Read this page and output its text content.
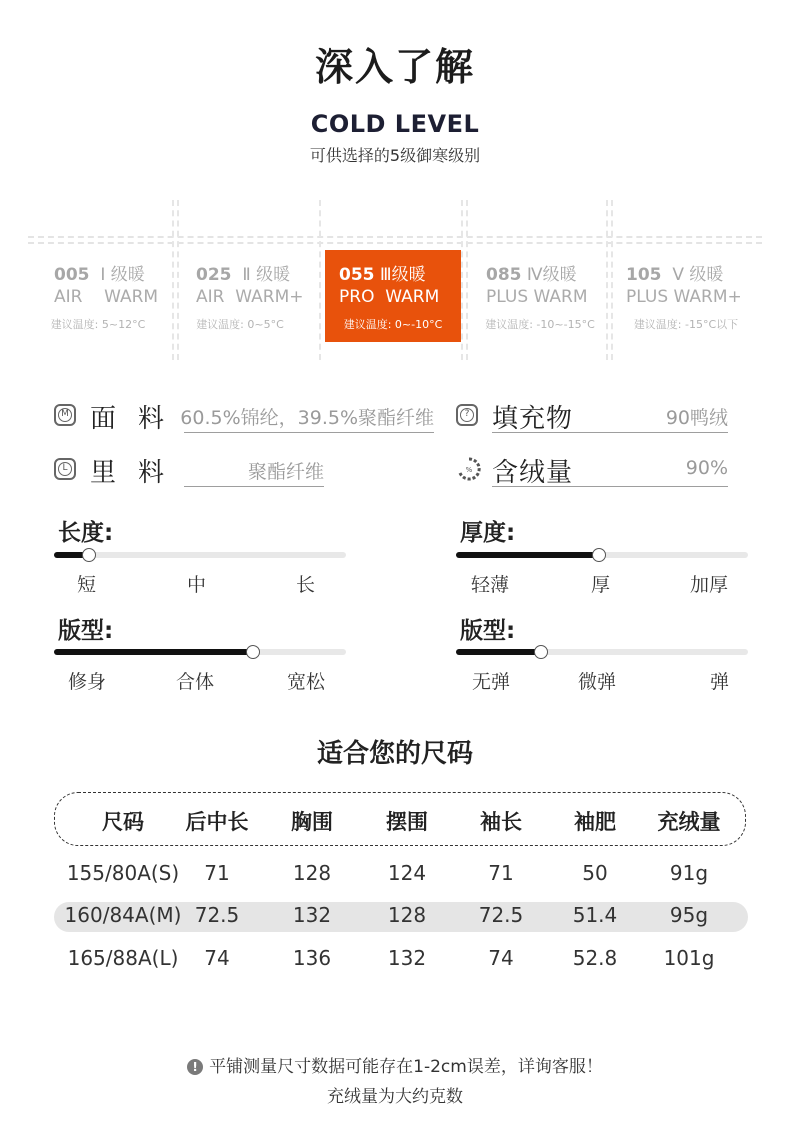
深入了解
COLD LEVEL
可供选择的5级御寒级别
005 Ⅰ 级暖
AIR    WARM
建议温度: 5~12°C
025 Ⅱ 级暖
AIR  WARM+
建议温度: 0~5°C
055 Ⅲ级暖
PRO  WARM
建议温度: 0~-10°C
085 Ⅳ级暖
PLUS WARM
建议温度: -10~-15°C
105 Ⅴ 级暖
PLUS WARM+
建议温度: -15°C以下
M 面料
60.5%锦纶，39.5%聚酯纤维
L 里料	聚酯纤维
? 填充物	90鸭绒
% 含绒量	90%
长度:
短	中	长
版型:
修身	合体	宽松
厚度:
轻薄	厚	加厚
版型:
无弹	微弹	弹
适合您的尺码
尺码	后中长	胸围	摆围	袖长	袖肥	充绒量
155/80A(S)	71	128	124	71	50	91g
160/84A(M) 72.5	132	128	72.5	51.4	95g
165/88A(L)	74	136	132	74	52.8	101g
! 平铺测量尺寸数据可能存在1-2cm误差，详询客服！
充绒量为大约克数
